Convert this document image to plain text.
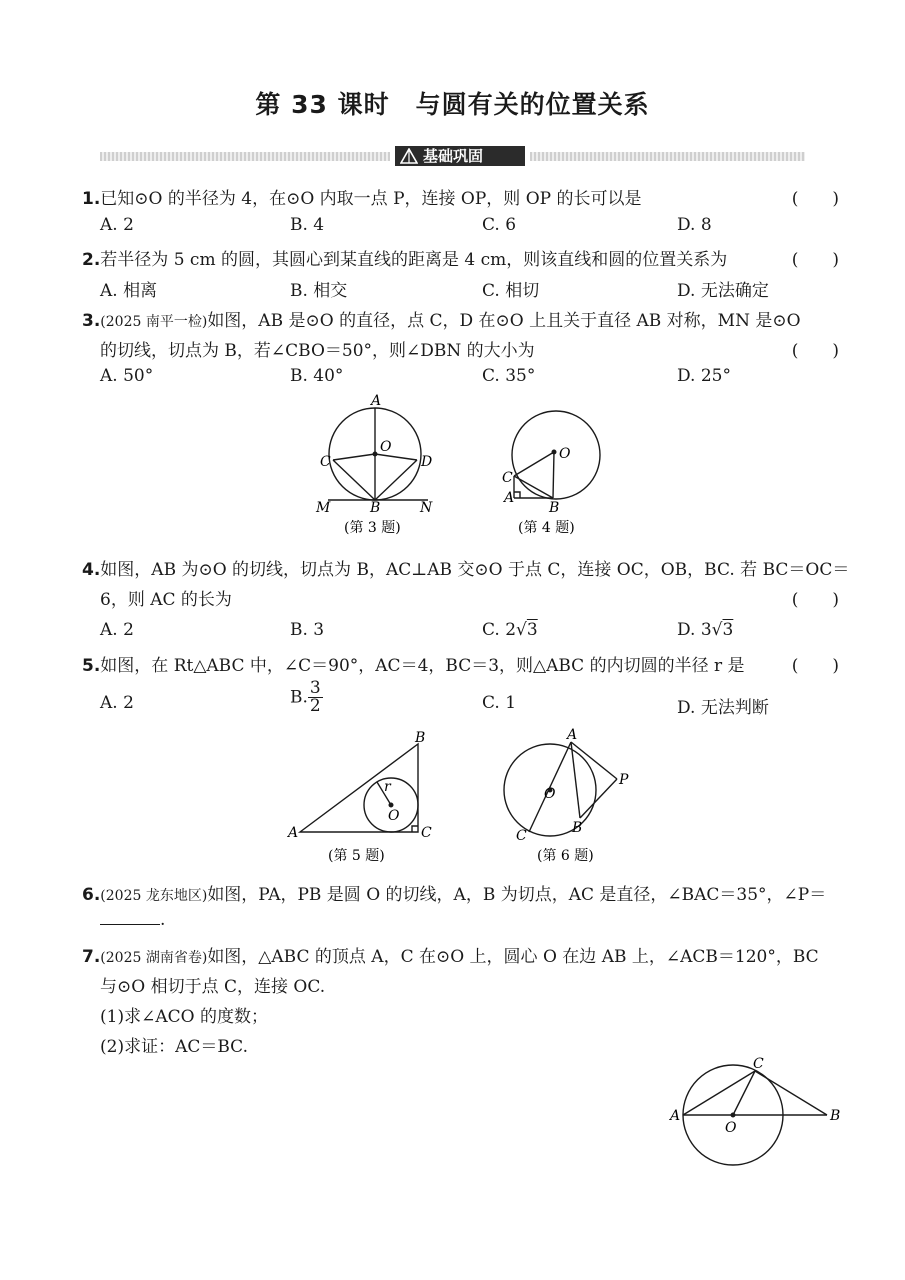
第 33 课时　与圆有关的位置关系
基础巩固
1.已知⊙O 的半径为 4，在⊙O 内取一点 P，连接 OP，则 OP 的长可以是	(　　)
A. 2	B. 4	C. 6	D. 8
2.若半径为 5 cm 的圆，其圆心到某直线的距离是 4 cm，则该直线和圆的位置关系为	(　　)
A. 相离	B. 相交	C. 相切	D. 无法确定
3.(2025 南平一检)如图，AB 是⊙O 的直径，点 C，D 在⊙O 上且关于直径 AB 对称，MN 是⊙O
的切线，切点为 B，若∠CBO＝50°，则∠DBN 的大小为	(　　)
A. 50°	B. 40°	C. 35°	D. 25°
A
O
C	D
M	B	N
(第 3 题)
O
C
A
B
(第 4 题)
4.如图，AB 为⊙O 的切线，切点为 B，AC⊥AB 交⊙O 于点 C，连接 OC，OB，BC. 若 BC＝OC＝
6，则 AC 的长为	(　　)
A. 2	B. 3	C. 2√3	D. 3√3
5.如图，在 Rt△ABC 中，∠C＝90°，AC＝4，BC＝3，则△ABC 的内切圆的半径 r 是	(　　)
A. 2	B. $\frac{3}{2}$	C. 1	D. 无法判断
B
r
O
A	C
(第 5 题)
A
P
O
B
C
(第 6 题)
6.(2025 龙东地区)如图，PA，PB 是圆 O 的切线，A，B 为切点，AC 是直径，∠BAC＝35°，∠P＝
.
7.(2025 湖南省卷)如图，△ABC 的顶点 A，C 在⊙O 上，圆心 O 在边 AB 上，∠ACB＝120°，BC
与⊙O 相切于点 C，连接 OC.
(1)求∠ACO 的度数；
(2)求证：AC＝BC.
C
A
O
B
